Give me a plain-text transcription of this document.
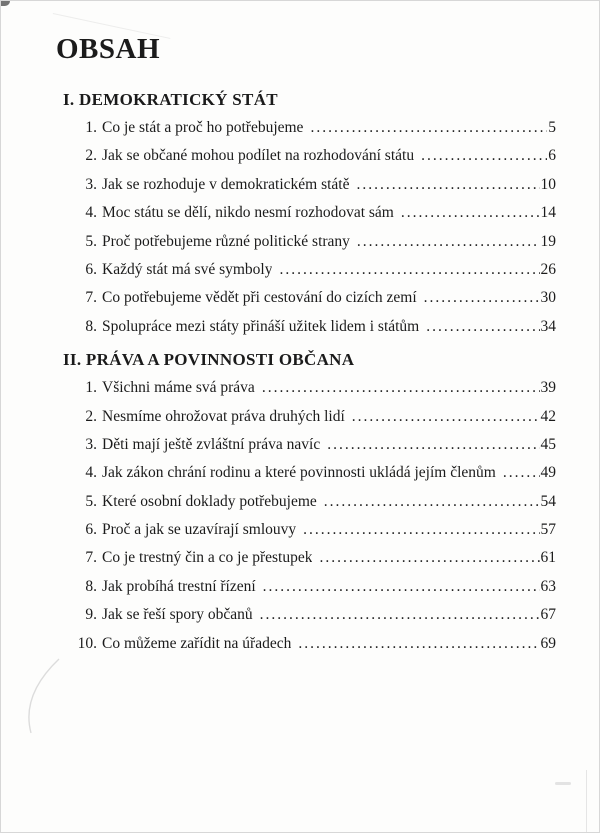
OBSAH
I. DEMOKRATICKÝ STÁT
1. Co je stát a proč ho potřebujeme .....	5
2. Jak se občané mohou podílet na rozhodování státu .....	6
3. Jak se rozhoduje v demokratickém státě .....	10
4. Moc státu se dělí, nikdo nesmí rozhodovat sám .....	14
5. Proč potřebujeme různé politické strany .....	19
6. Každý stát má své symboly .....	26
7. Co potřebujeme vědět při cestování do cizích zemí .....	30
8. Spolupráce mezi státy přináší užitek lidem i státům .....	34
II. PRÁVA A POVINNOSTI OBČANA
1. Všichni máme svá práva .....	39
2. Nesmíme ohrožovat práva druhých lidí .....	42
3. Děti mají ještě zvláštní práva navíc .....	45
4. Jak zákon chrání rodinu a které povinnosti ukládá jejím členům .....	49
5. Které osobní doklady potřebujeme .....	54
6. Proč a jak se uzavírají smlouvy .....	57
7. Co je trestný čin a co je přestupek .....	61
8. Jak probíhá trestní řízení .....	63
9. Jak se řeší spory občanů .....	67
10. Co můžeme zařídit na úřadech .....	69
